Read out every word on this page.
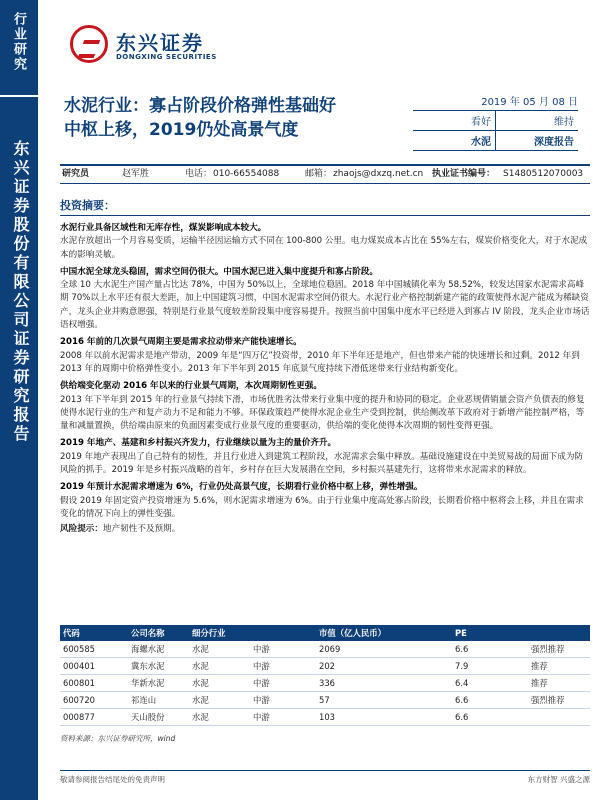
行业研究
东兴证券股份有限公司证券研究报告
东兴证券
DONGXING SECURITIES
水泥行业：寡占阶段价格弹性基础好
中枢上移，2019仍处高景气度
2019 年 05 月 08 日
看好	维持
水泥	深度报告
研究员	赵军胜	电话： 010-66554088	邮箱： zhaojs@dxzq.net.cn 执业证书编号： S1480512070003
投资摘要：

水泥行业具备区域性和无库存性，煤炭影响成本较大。

水泥存放超出一个月容易变质，运输半径因运输方式不同在 100-800 公里。电力煤炭成本占比在 55%左右，煤炭价格变化大，对于水泥成本的影响灵敏。

中国水泥全球龙头稳固，需求空间仍很大。中国水泥已进入集中度提升和寡占阶段。

全球 10 大水泥生产国产量占比达 78%，中国为 50%以上，全球地位稳固。2018 年中国城镇化率为 58.52%，较发达国家水泥需求高峰期 70%以上水平还有很大差距，加上中国建筑习惯，中国水泥需求空间仍很大。水泥行业产格控制新建产能的政策使得水泥产能成为稀缺资产，龙头企业并购意愿强，特别是行业景气度较差阶段集中度容易提升。按照当前中国集中度水平已经进入到寡占 IV 阶段，龙头企业市场话语权增强。

2016 年前的几次景气周期主要是需求拉动带来产能快速增长。

2008 年以前水泥需求是地产带动，2009 年是“四万亿”投资带，2010 年下半年还是地产，但也带来产能的快速增长和过剩。2012 年到 2013 年的周期中价格弹性变小。2013 年下半年到 2015 年底景气度持续下滑低迷带来行业结构新变化。

供给端变化驱动 2016 年以来的行业景气周期，本次周期韧性更强。

2013 年下半年到 2015 年的行业景气持续下滑，市场优胜劣汰带来行业集中度的提升和协同的稳定。企业恶规倩销量会资产负债表的修复使得水泥行业的生产和复产动力不足和能力不够。环保政策趋严使得水泥企业生产受到控制，供给侧改革下政府对于新增产能控制严格，等量和减量置换，供给端由原来的负面因素变成行业景气度的重要驱动，供给端的变化使得本次周期的韧性变得更强。

2019 年地产、基建和乡村振兴齐发力，行业继续以量为主的量价齐升。

2019 年地产表现出了自己特有的韧性，并且行业进入到建筑工程阶段，水泥需求会集中释放。基础设施建设在中美贸易战的局面下成为防风险的抓手。2019 年是乡村振兴战略的首年，乡村存在巨大发展潜在空间，乡村振兴基建先行，这将带来水泥需求的释放。

2019 年预计水泥需求增速为 6%，行业仍处高景气度，长期看行业价格中枢上移，弹性增强。

假设 2019 年固定资产投资增速为 5.6%，则水泥需求增速为 6%。由于行业集中度高处寡占阶段，长期看价格中枢将会上移，并且在需求变化的情况下向上的弹性变强。

风险提示：地产韧性不及预期。

代码	公司名称	细分行业		市值（亿人民币）	PE	
600585	海螺水泥	水泥	中游	2069	6.6	强烈推荐
000401	冀东水泥	水泥	中游	202	7.9	推荐
600801	华新水泥	水泥	中游	336	6.4	推荐
600720	祁连山	水泥	中游	57	6.6	强烈推荐
000877	天山股份	水泥	中游	103	6.6	
资料来源：东兴证券研究所，wind
敬请参阅报告结尾处的免责声明	东方财智 兴盛之源
